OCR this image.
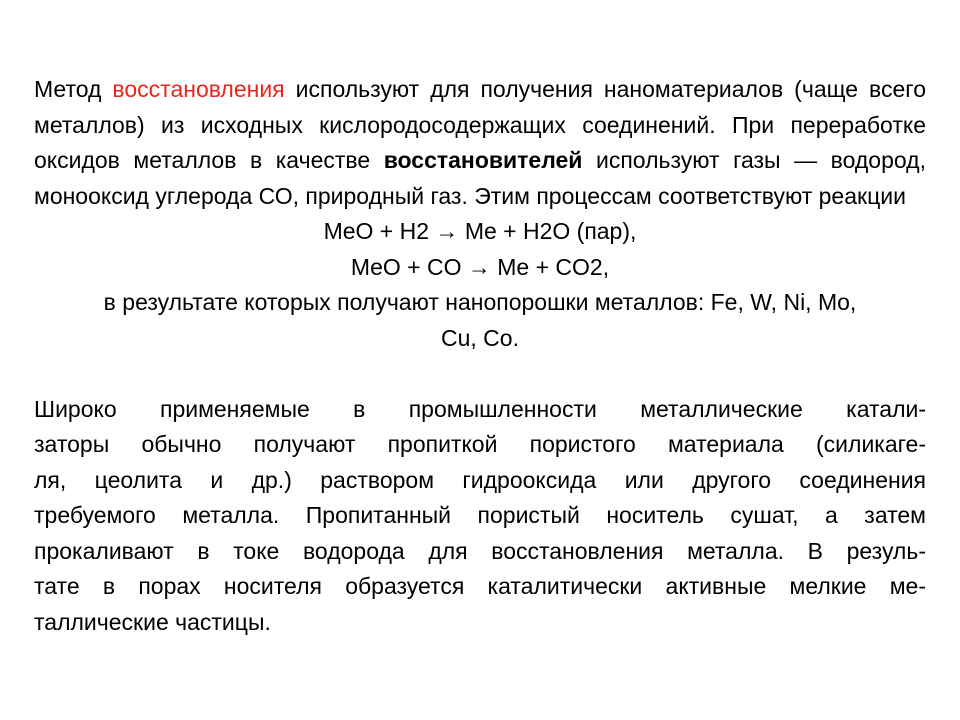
Метод восстановления используют для получения наноматериалов (чаще всего металлов) из исходных кислородосодержащих соединений. При переработке оксидов металлов в качестве восстановителей используют газы — водород, монооксид углерода СО, природный газ. Этим процессам соответствуют реакции
MeO + H2 → Me + H2O (пар),
MeO + CO → Me + CO2,
в результате которых получают нанопорошки металлов: Fe, W, Ni, Mo,
Cu, Co.
Широко применяемые в промышленности металлические катали-
заторы обычно получают пропиткой пористого материала (силикаге-
ля, цеолита и др.) раствором гидрооксида или другого соединения
требуемого металла. Пропитанный пористый носитель сушат, а затем
прокаливают в токе водорода для восстановления металла. В резуль-
тате в порах носителя образуется каталитически активные мелкие ме-
таллические частицы.
